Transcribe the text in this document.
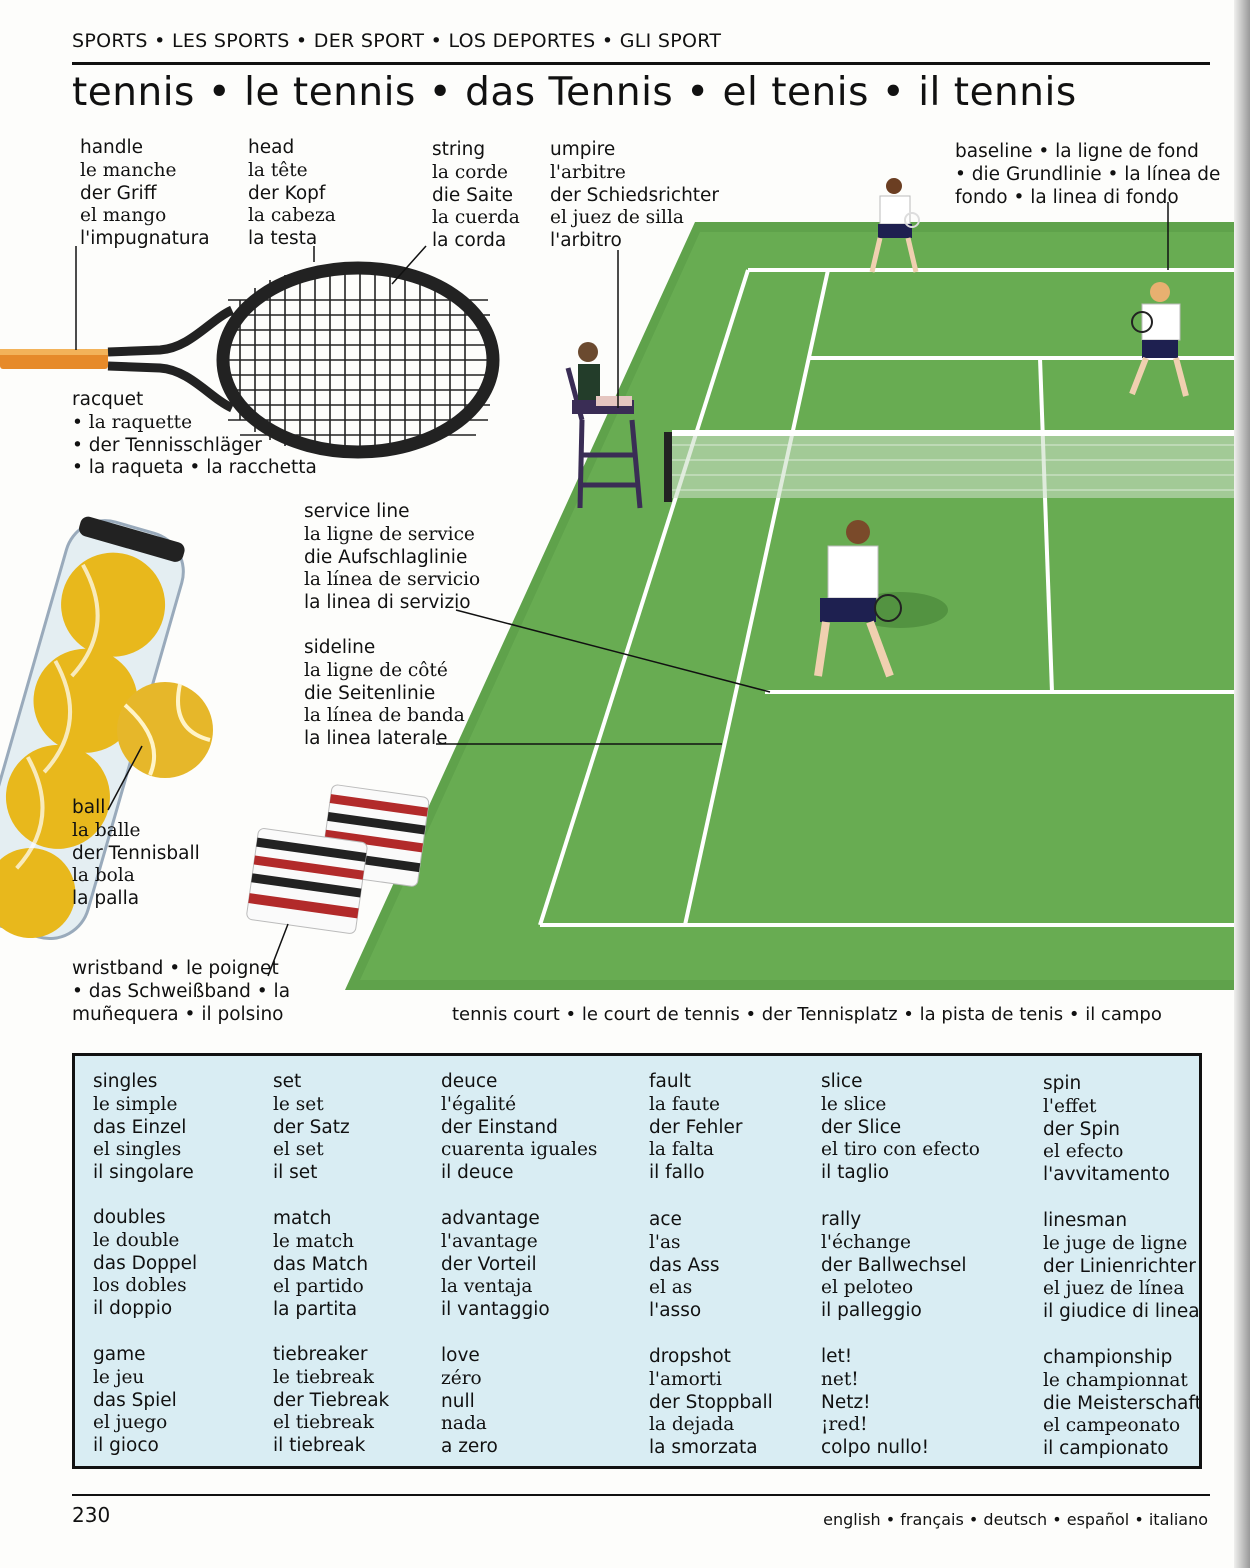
SPORTS • LES SPORTS • DER SPORT • LOS DEPORTES • GLI SPORT
tennis • le tennis • das Tennis • el tenis • il tennis
handle
le manche
der Griff
el mango
l'impugnatura
head
la tête
der Kopf
la cabeza
la testa
string
la corde
die Saite
la cuerda
la corda
umpire
l'arbitre
der Schiedsrichter
el juez de silla
l'arbitro
baseline • la ligne de fond
• die Grundlinie • la línea de
fondo • la linea di fondo
racquet
• la raquette
• der Tennisschläger
• la raqueta • la racchetta
service line
la ligne de service
die Aufschlaglinie
la línea de servicio
la linea di servizio
sideline
la ligne de côté
die Seitenlinie
la línea de banda
la linea laterale
ball
la balle
der Tennisball
la bola
la palla
wristband • le poignet
• das Schweißband • la
muñequera • il polsino	tennis court • le court de tennis • der Tennisplatz • la pista de tenis • il campo
singles
le simple
das Einzel
el singles
il singolare
set
le set
der Satz
el set
il set
deuce
l'égalité
der Einstand
cuarenta iguales
il deuce
fault
la faute
der Fehler
la falta
il fallo
slice
le slice
der Slice
el tiro con efecto
il taglio
spin
l'effet
der Spin
el efecto
l'avvitamento
doubles
le double
das Doppel
los dobles
il doppio
match
le match
das Match
el partido
la partita
advantage
l'avantage
der Vorteil
la ventaja
il vantaggio
ace
l'as
das Ass
el as
l'asso
rally
l'échange
der Ballwechsel
el peloteo
il palleggio
linesman
le juge de ligne
der Linienrichter
el juez de línea
il giudice di linea
game
le jeu
das Spiel
el juego
il gioco
tiebreaker
le tiebreak
der Tiebreak
el tiebreak
il tiebreak
love
zéro
null
nada
a zero
dropshot
l'amorti
der Stoppball
la dejada
la smorzata
let!
net!
Netz!
¡red!
colpo nullo!
championship
le championnat
die Meisterschaft
el campeonato
il campionato
230	english • français • deutsch • español • italiano
